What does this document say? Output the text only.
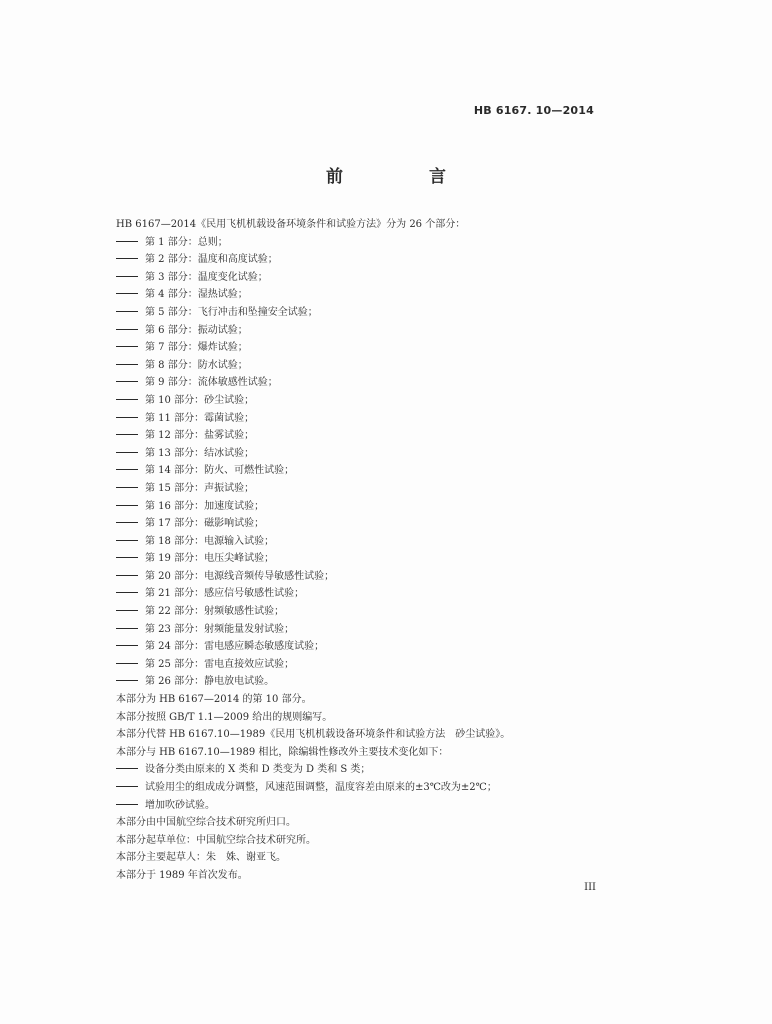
HB 6167. 10—2014
前 言
HB 6167—2014《民用飞机机载设备环境条件和试验方法》分为 26 个部分：
第 1 部分：总则；
第 2 部分：温度和高度试验；
第 3 部分：温度变化试验；
第 4 部分：湿热试验；
第 5 部分：飞行冲击和坠撞安全试验；
第 6 部分：振动试验；
第 7 部分：爆炸试验；
第 8 部分：防水试验；
第 9 部分：流体敏感性试验；
第 10 部分：砂尘试验；
第 11 部分：霉菌试验；
第 12 部分：盐雾试验；
第 13 部分：结冰试验；
第 14 部分：防火、可燃性试验；
第 15 部分：声振试验；
第 16 部分：加速度试验；
第 17 部分：磁影响试验；
第 18 部分：电源输入试验；
第 19 部分：电压尖峰试验；
第 20 部分：电源线音频传导敏感性试验；
第 21 部分：感应信号敏感性试验；
第 22 部分：射频敏感性试验；
第 23 部分：射频能量发射试验；
第 24 部分：雷电感应瞬态敏感度试验；
第 25 部分：雷电直接效应试验；
第 26 部分：静电放电试验。
本部分为 HB 6167—2014 的第 10 部分。
本部分按照 GB/T 1.1—2009 给出的规则编写。
本部分代替 HB 6167.10—1989《民用飞机机载设备环境条件和试验方法　砂尘试验》。
本部分与 HB 6167.10—1989 相比，除编辑性修改外主要技术变化如下：
设备分类由原来的 X 类和 D 类变为 D 类和 S 类；
试验用尘的组成成分调整，风速范围调整，温度容差由原来的±3℃改为±2℃；
增加吹砂试验。
本部分由中国航空综合技术研究所归口。
本部分起草单位：中国航空综合技术研究所。
本部分主要起草人：朱　姝、谢亚飞。
本部分于 1989 年首次发布。
III
